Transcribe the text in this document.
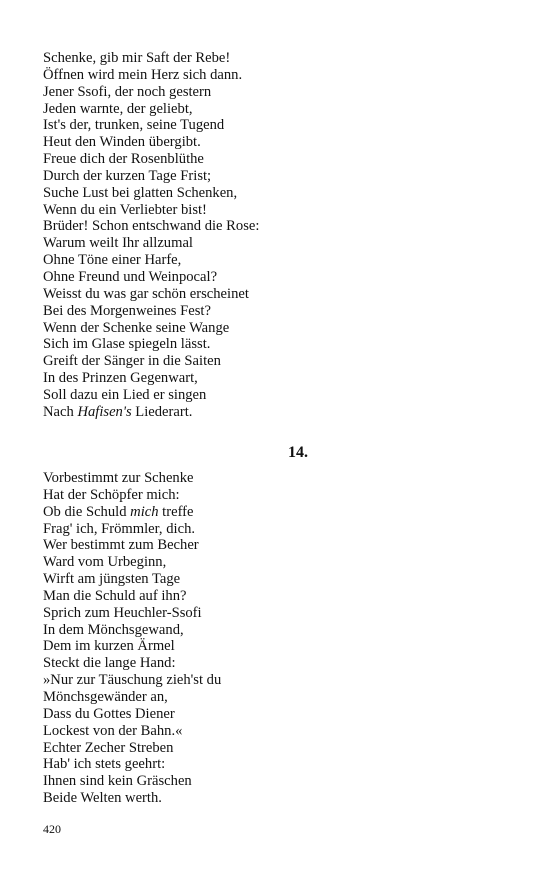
Schenke, gib mir Saft der Rebe!
Öffnen wird mein Herz sich dann.
Jener Ssofi, der noch gestern
Jeden warnte, der geliebt,
Ist's der, trunken, seine Tugend
Heut den Winden übergibt.
Freue dich der Rosenblüthe
Durch der kurzen Tage Frist;
Suche Lust bei glatten Schenken,
Wenn du ein Verliebter bist!
Brüder! Schon entschwand die Rose:
Warum weilt Ihr allzumal
Ohne Töne einer Harfe,
Ohne Freund und Weinpocal?
Weisst du was gar schön erscheinet
Bei des Morgenweines Fest?
Wenn der Schenke seine Wange
Sich im Glase spiegeln lässt.
Greift der Sänger in die Saiten
In des Prinzen Gegenwart,
Soll dazu ein Lied er singen
Nach Hafisen's Liederart.
14.
Vorbestimmt zur Schenke
Hat der Schöpfer mich:
Ob die Schuld mich treffe
Frag' ich, Frömmler, dich.
Wer bestimmt zum Becher
Ward vom Urbeginn,
Wirft am jüngsten Tage
Man die Schuld auf ihn?
Sprich zum Heuchler-Ssofi
In dem Mönchsgewand,
Dem im kurzen Ärmel
Steckt die lange Hand:
»Nur zur Täuschung zieh'st du
Mönchsgewänder an,
Dass du Gottes Diener
Lockest von der Bahn.«
Echter Zecher Streben
Hab' ich stets geehrt:
Ihnen sind kein Gräschen
Beide Welten werth.
420
